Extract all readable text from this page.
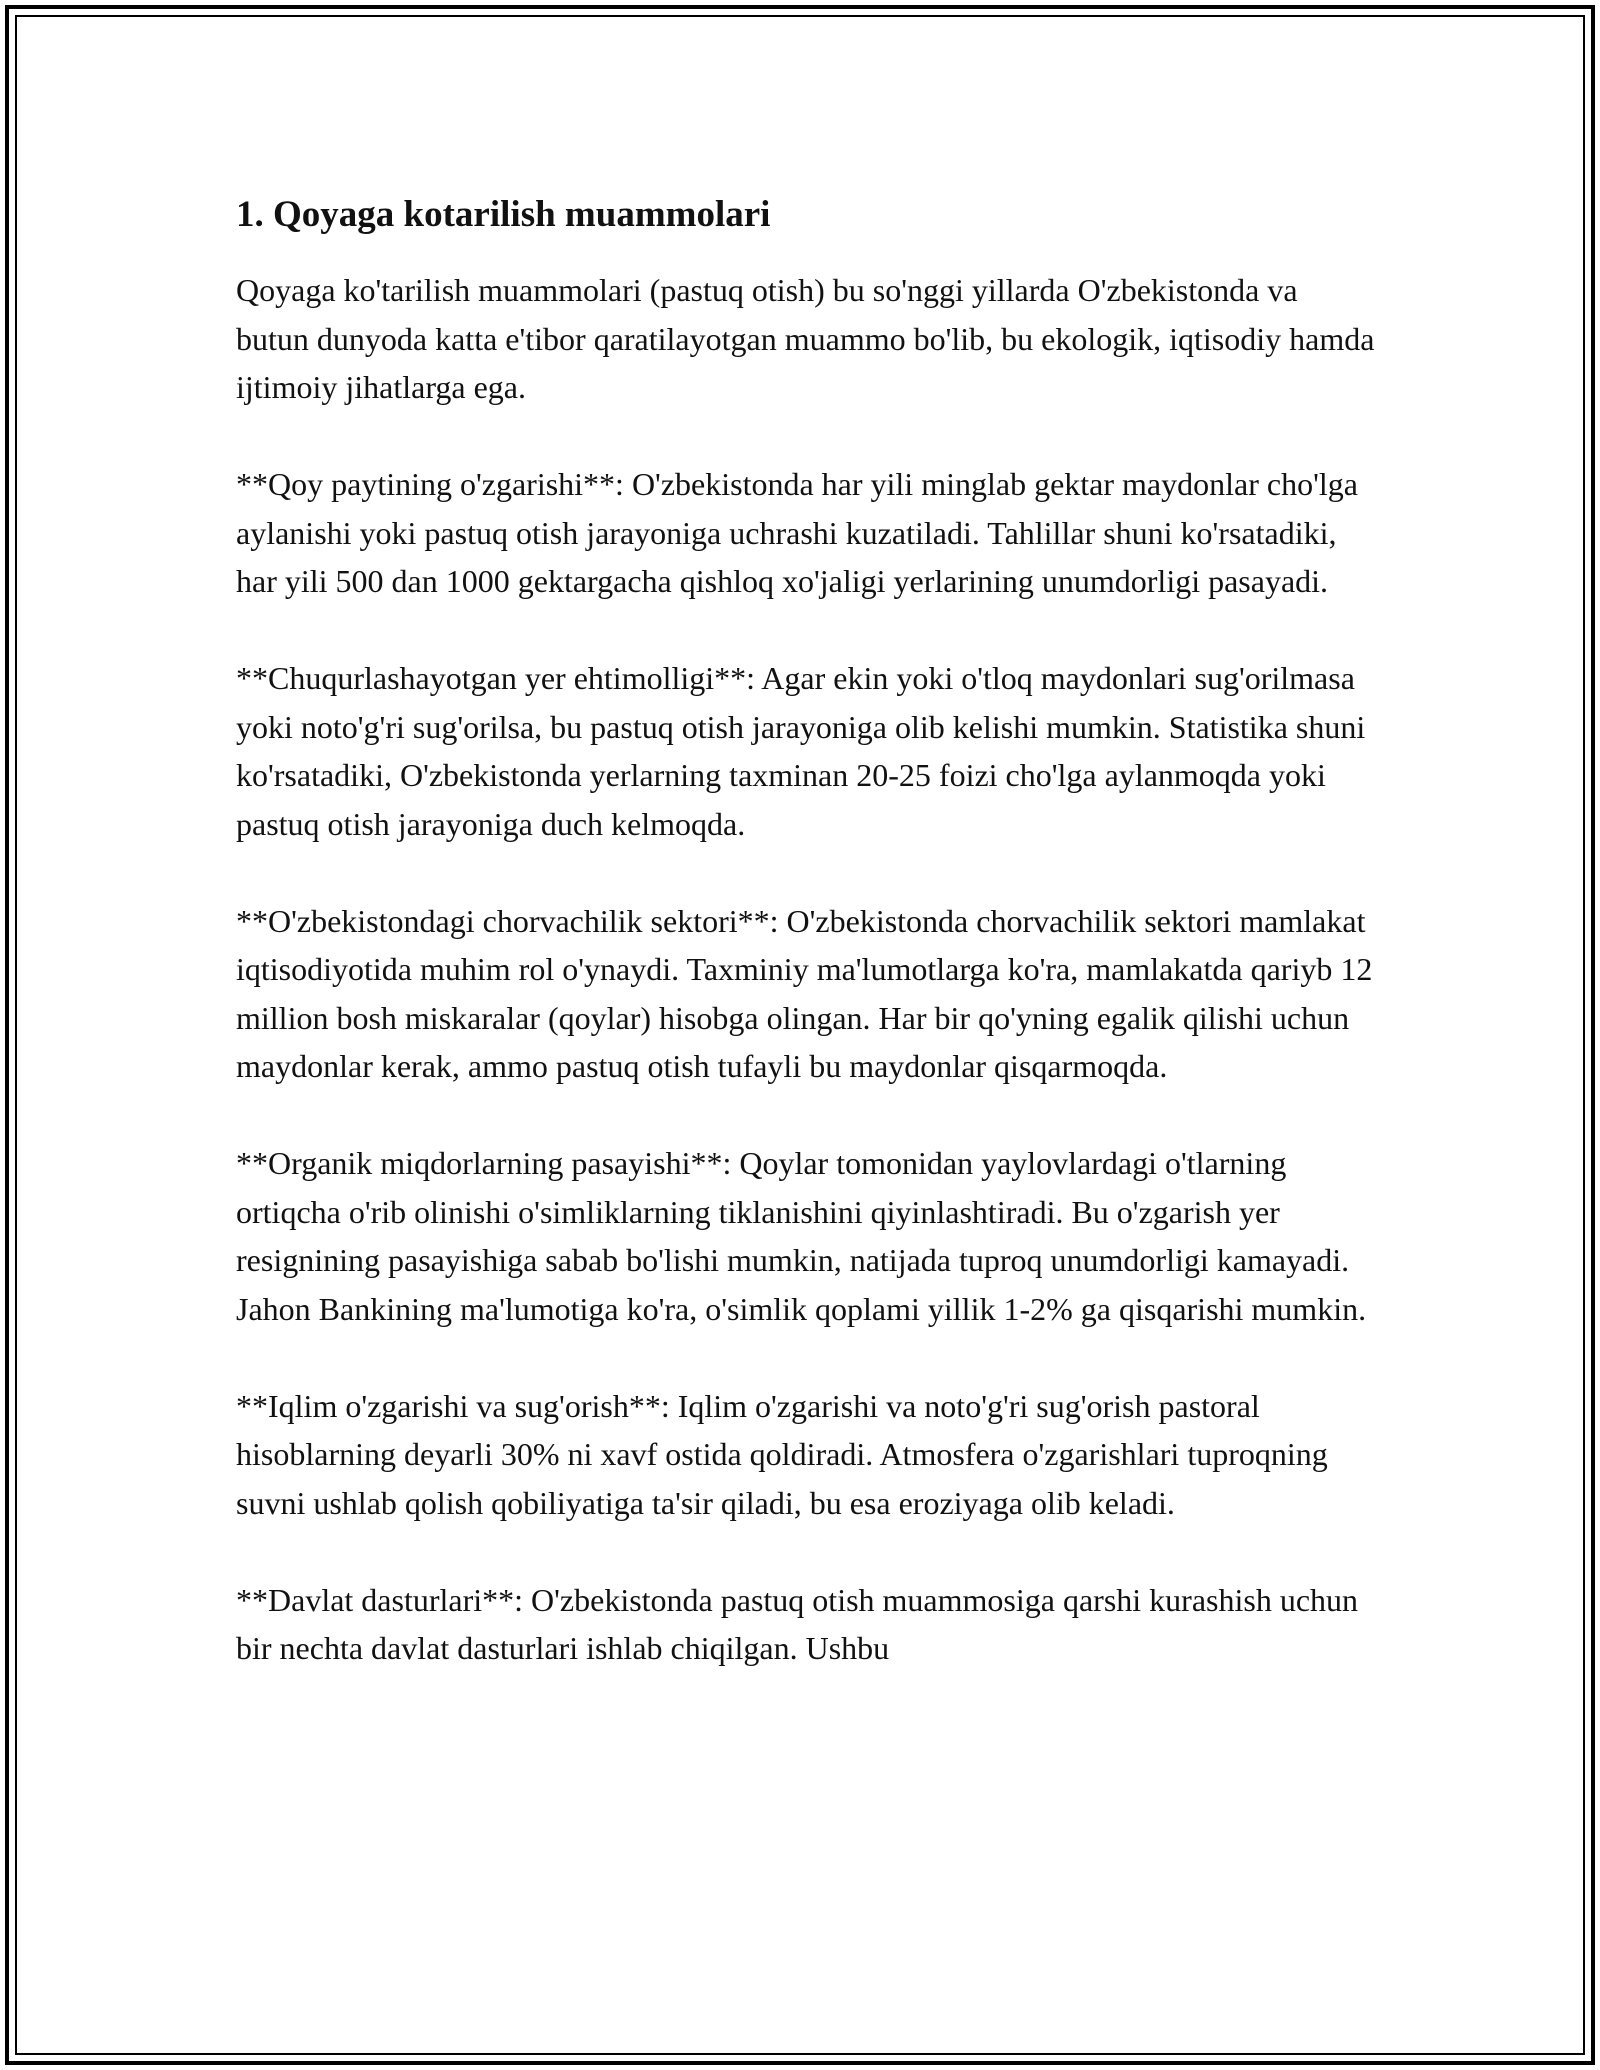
1. Qoyaga kotarilish muammolari

Qoyaga ko'tarilish muammolari (pastuq otish) bu so'nggi yillarda O'zbekistonda va butun dunyoda katta e'tibor qaratilayotgan muammo bo'lib, bu ekologik, iqtisodiy hamda ijtimoiy jihatlarga ega.

**Qoy paytining o'zgarishi**: O'zbekistonda har yili minglab gektar maydonlar cho'lga aylanishi yoki pastuq otish jarayoniga uchrashi kuzatiladi. Tahlillar shuni ko'rsatadiki, har yili 500 dan 1000 gektargacha qishloq xo'jaligi yerlarining unumdorligi pasayadi.

**Chuqurlashayotgan yer ehtimolligi**: Agar ekin yoki o'tloq maydonlari sug'orilmasa yoki noto'g'ri sug'orilsa, bu pastuq otish jarayoniga olib kelishi mumkin. Statistika shuni ko'rsatadiki, O'zbekistonda yerlarning taxminan 20-25 foizi cho'lga aylanmoqda yoki pastuq otish jarayoniga duch kelmoqda.

**O'zbekistondagi chorvachilik sektori**: O'zbekistonda chorvachilik sektori mamlakat iqtisodiyotida muhim rol o'ynaydi. Taxminiy ma'lumotlarga ko'ra, mamlakatda qariyb 12 million bosh miskaralar (qoylar) hisobga olingan. Har bir qo'yning egalik qilishi uchun maydonlar kerak, ammo pastuq otish tufayli bu maydonlar qisqarmoqda.

**Organik miqdorlarning pasayishi**: Qoylar tomonidan yaylovlardagi o'tlarning ortiqcha o'rib olinishi o'simliklarning tiklanishini qiyinlashtiradi. Bu o'zgarish yer resignining pasayishiga sabab bo'lishi mumkin, natijada tuproq unumdorligi kamayadi. Jahon Bankining ma'lumotiga ko'ra, o'simlik qoplami yillik 1-2% ga qisqarishi mumkin.

**Iqlim o'zgarishi va sug'orish**: Iqlim o'zgarishi va noto'g'ri sug'orish pastoral hisoblarning deyarli 30% ni xavf ostida qoldiradi. Atmosfera o'zgarishlari tuproqning suvni ushlab qolish qobiliyatiga ta'sir qiladi, bu esa eroziyaga olib keladi.

**Davlat dasturlari**: O'zbekistonda pastuq otish muammosiga qarshi kurashish uchun bir nechta davlat dasturlari ishlab chiqilgan. Ushbu
